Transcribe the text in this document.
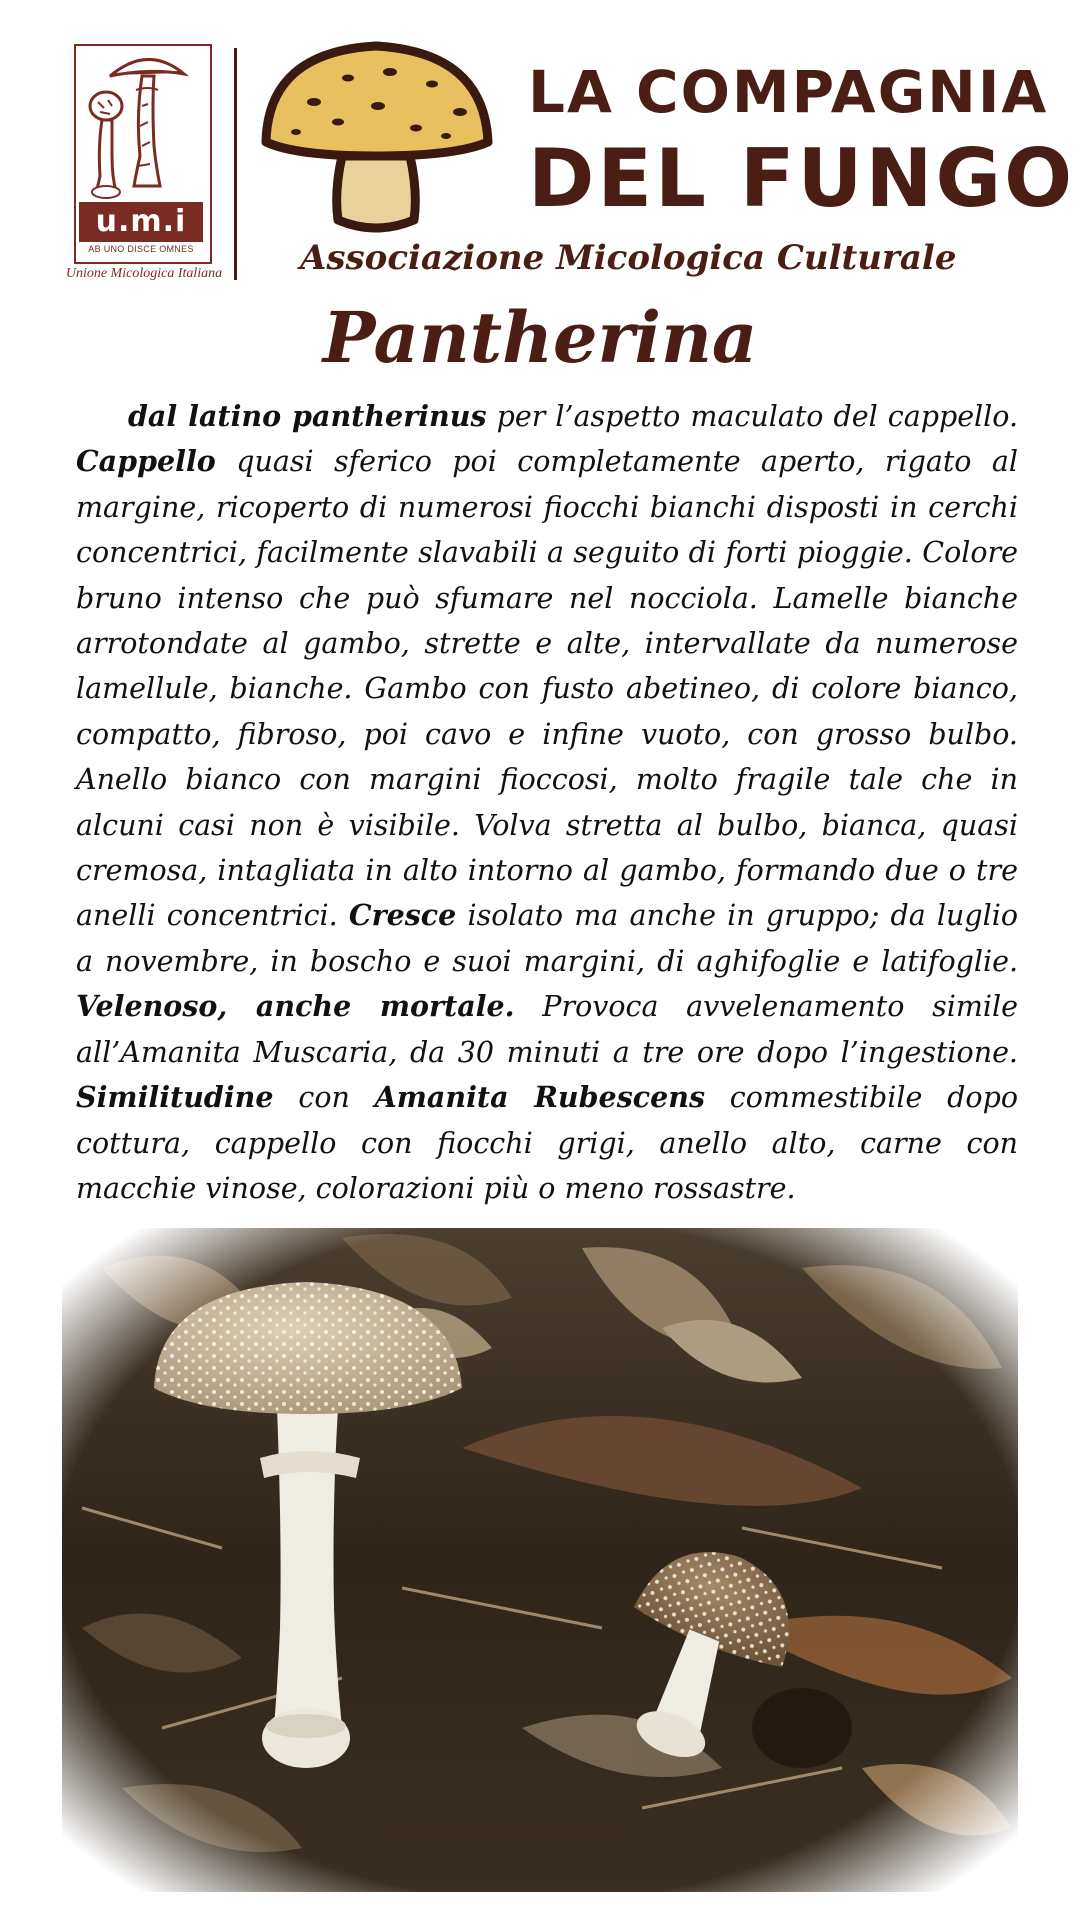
u.m.i
AB UNO DISCE OMNES
Unione Micologica Italiana
LA COMPAGNIA
DEL FUNGO
Associazione Micologica Culturale
Pantherina

dal latino pantherinus per l’aspetto maculato del cappello. Cappello quasi sferico poi completamente aperto, rigato al margine, ricoperto di numerosi fiocchi bianchi disposti in cerchi concentrici, facilmente slavabili a seguito di forti pioggie. Colore bruno intenso che può sfumare nel nocciola. Lamelle bianche arrotondate al gambo, strette e alte, intervallate da numerose lamellule, bianche. Gambo con fusto abetineo, di colore bianco, compatto, fibroso, poi cavo e infine vuoto, con grosso bulbo. Anello bianco con margini fioccosi, molto fragile tale che in alcuni casi non è visibile. Volva stretta al bulbo, bianca, quasi cremosa, intagliata in alto intorno al gambo, formando due o tre anelli concentrici. Cresce isolato ma anche in gruppo; da luglio a novembre, in boscho e suoi margini, di aghifoglie e latifoglie. Velenoso, anche mortale. Provoca avvelenamento simile all’Amanita Muscaria, da 30 minuti a tre ore dopo l’ingestione. Similitudine con Amanita Rubescens commestibile dopo cottura, cappello con fiocchi grigi, anello alto, carne con macchie vinose, colorazioni più o meno rossastre.
